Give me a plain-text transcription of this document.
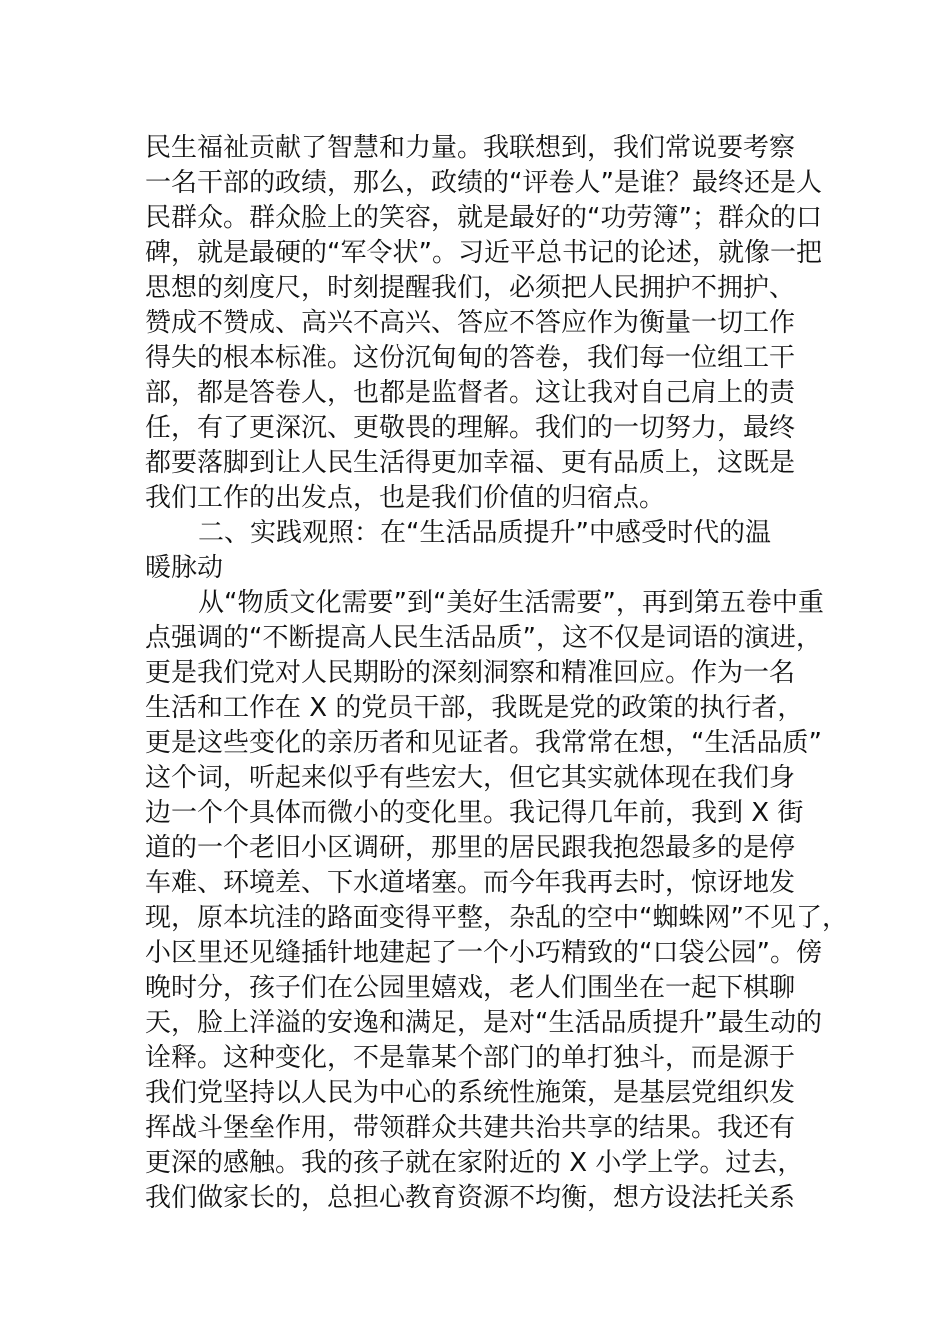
民生福祉贡献了智慧和力量。我联想到，我们常说要考察
一名干部的政绩，那么，政绩的“评卷人”是谁？最终还是人
民群众。群众脸上的笑容，就是最好的“功劳簿”；群众的口
碑，就是最硬的“军令状”。习近平总书记的论述，就像一把
思想的刻度尺，时刻提醒我们，必须把人民拥护不拥护、
赞成不赞成、高兴不高兴、答应不答应作为衡量一切工作
得失的根本标准。这份沉甸甸的答卷，我们每一位组工干
部，都是答卷人，也都是监督者。这让我对自己肩上的责
任，有了更深沉、更敬畏的理解。我们的一切努力，最终
都要落脚到让人民生活得更加幸福、更有品质上，这既是
我们工作的出发点，也是我们价值的归宿点。
二、实践观照：在“生活品质提升”中感受时代的温
暖脉动
从“物质文化需要”到“美好生活需要”，再到第五卷中重
点强调的“不断提高人民生活品质”，这不仅是词语的演进，
更是我们党对人民期盼的深刻洞察和精准回应。作为一名
生活和工作在 X 的党员干部，我既是党的政策的执行者，
更是这些变化的亲历者和见证者。我常常在想，“生活品质”
这个词，听起来似乎有些宏大，但它其实就体现在我们身
边一个个具体而微小的变化里。我记得几年前，我到 X 街
道的一个老旧小区调研，那里的居民跟我抱怨最多的是停
车难、环境差、下水道堵塞。而今年我再去时，惊讶地发
现，原本坑洼的路面变得平整，杂乱的空中“蜘蛛网”不见了，
小区里还见缝插针地建起了一个小巧精致的“口袋公园”。傍
晚时分，孩子们在公园里嬉戏，老人们围坐在一起下棋聊
天，脸上洋溢的安逸和满足，是对“生活品质提升”最生动的
诠释。这种变化，不是靠某个部门的单打独斗，而是源于
我们党坚持以人民为中心的系统性施策，是基层党组织发
挥战斗堡垒作用，带领群众共建共治共享的结果。我还有
更深的感触。我的孩子就在家附近的 X 小学上学。过去，
我们做家长的，总担心教育资源不均衡，想方设法托关系
